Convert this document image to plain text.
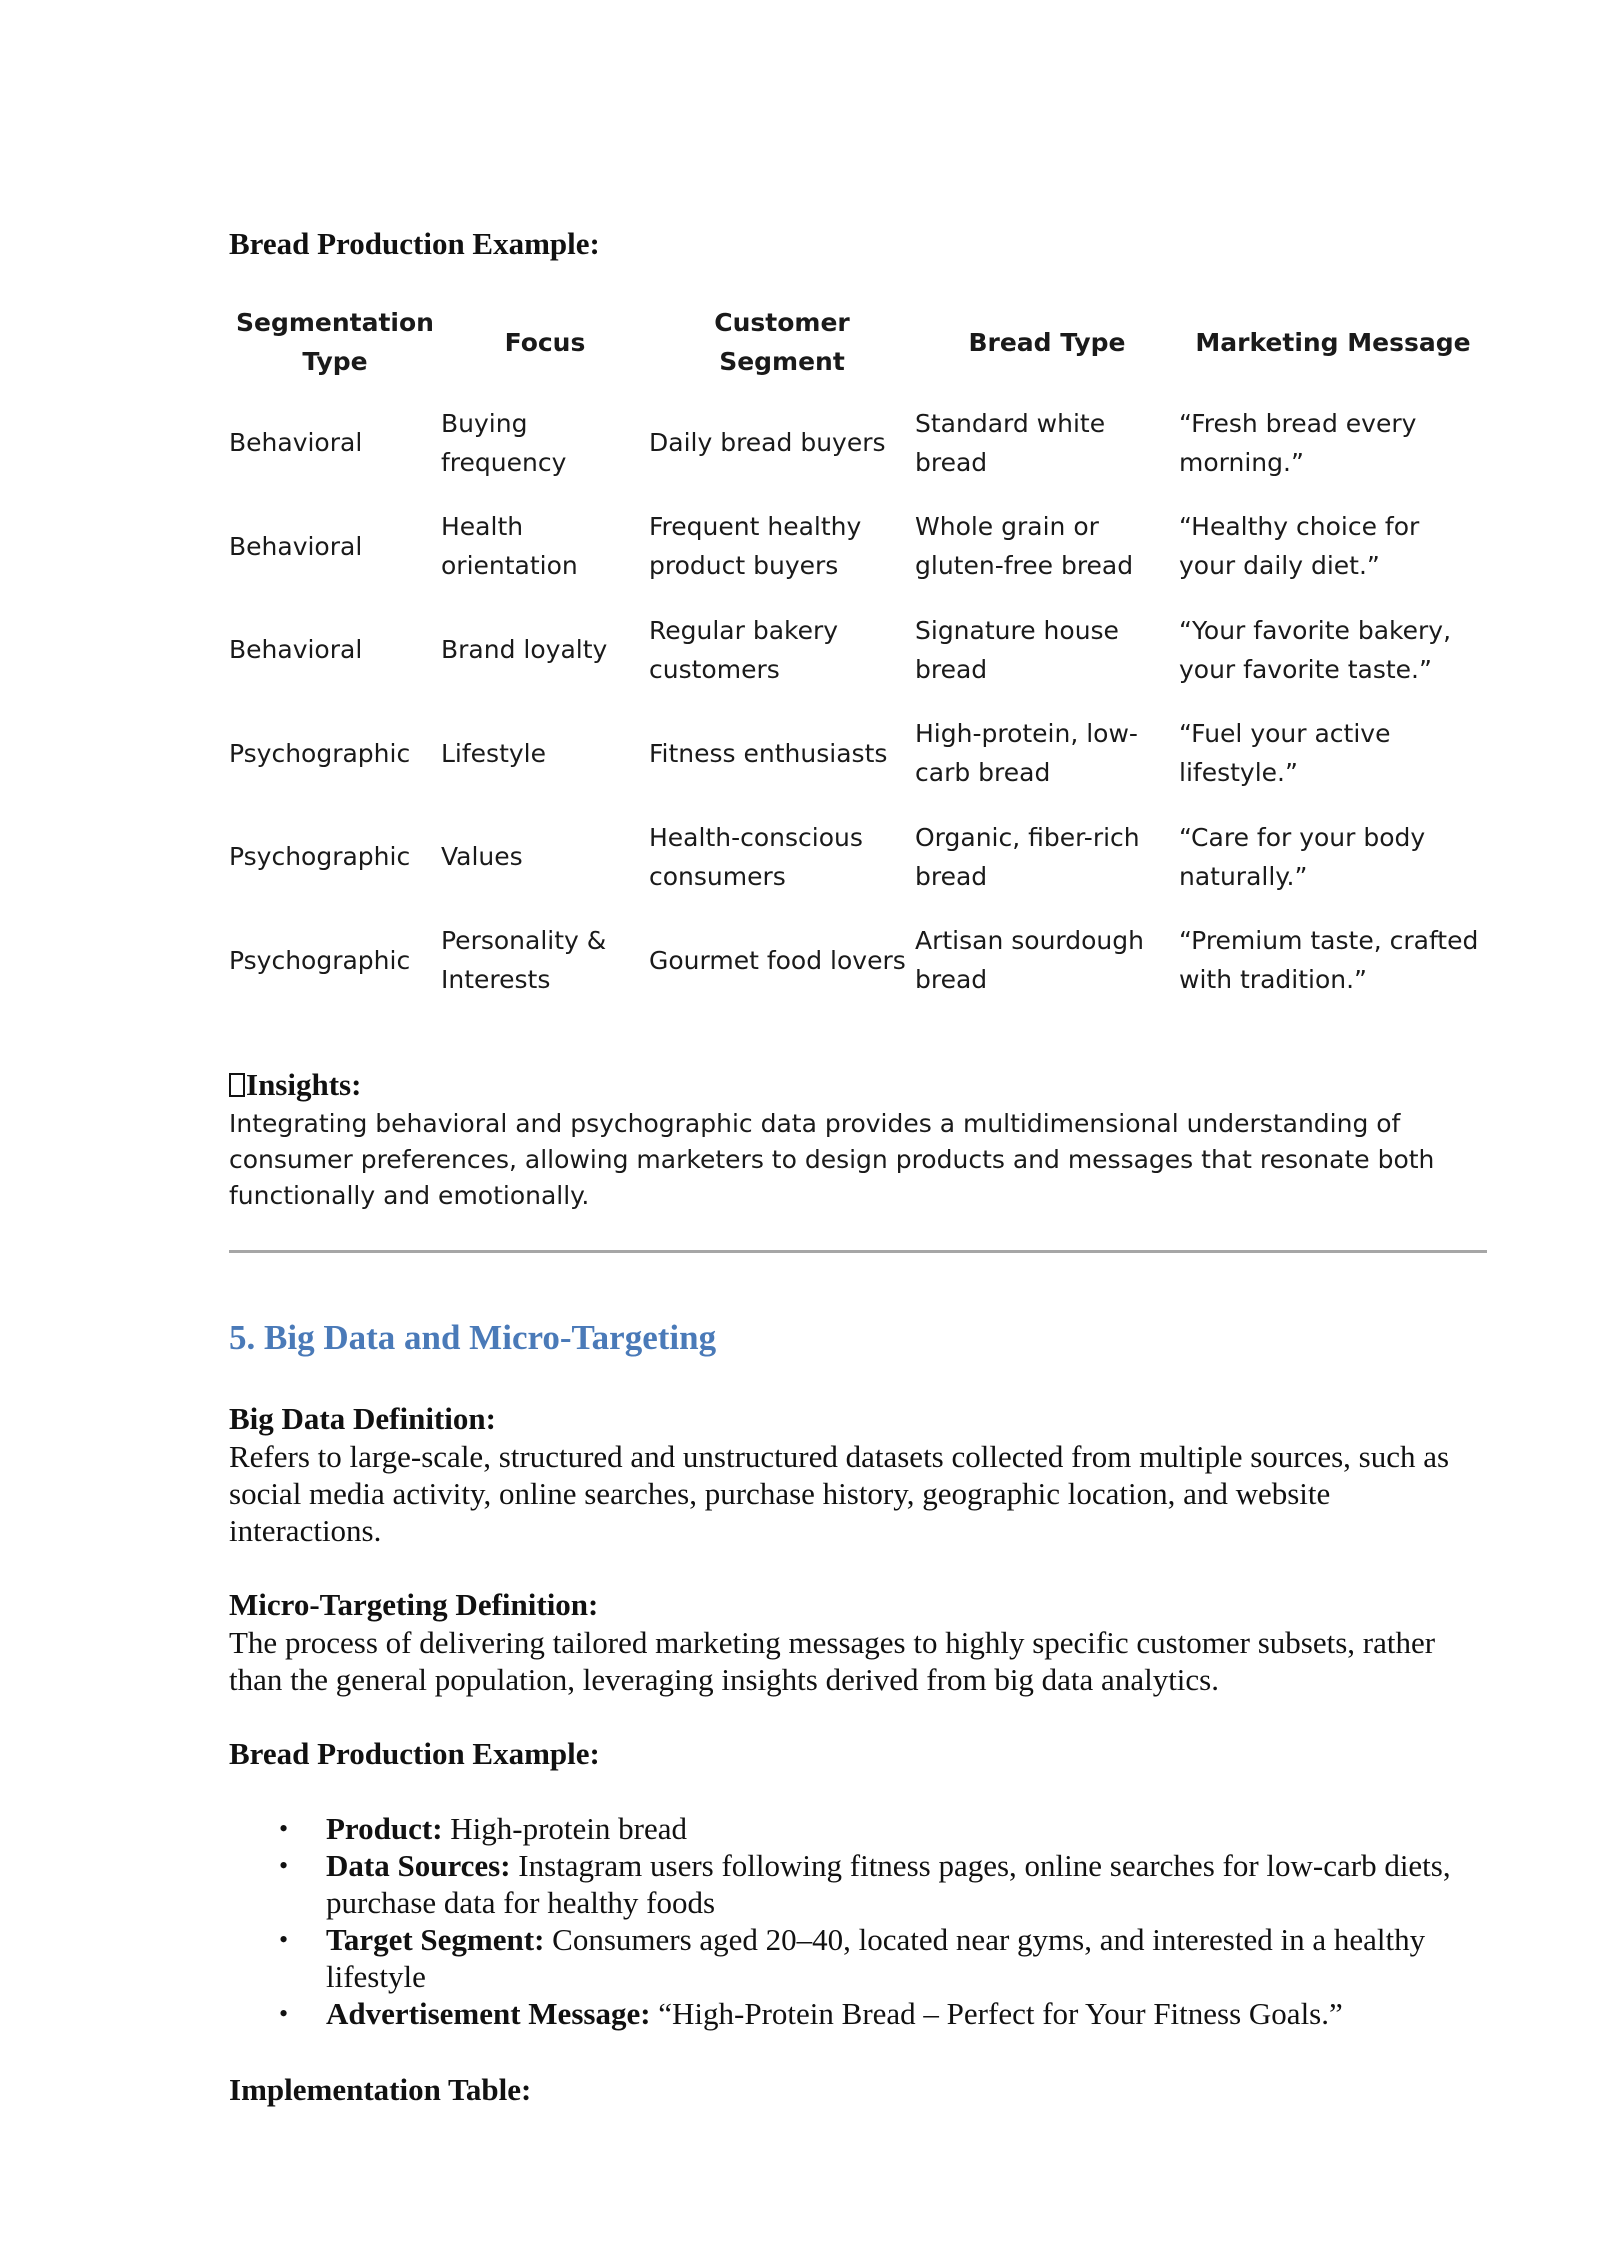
Bread Production Example:
Segmentation Type	Focus	Customer Segment	Bread Type	Marketing Message
Behavioral	Buying frequency	Daily bread buyers	Standard white bread	“Fresh bread every morning.”
Behavioral	Health orientation	Frequent healthy product buyers	Whole grain or gluten-free bread	“Healthy choice for your daily diet.”
Behavioral	Brand loyalty	Regular bakery customers	Signature house bread	“Your favorite bakery, your favorite taste.”
Psychographic	Lifestyle	Fitness enthusiasts	High-protein, low-carb bread	“Fuel your active lifestyle.”
Psychographic	Values	Health-conscious consumers	Organic, fiber-rich bread	“Care for your body naturally.”
Psychographic	Personality & Interests	Gourmet food lovers	Artisan sourdough bread	“Premium taste, crafted with tradition.”
Insights:

Integrating behavioral and psychographic data provides a multidimensional understanding of consumer preferences, allowing marketers to design products and messages that resonate both functionally and emotionally.

5. Big Data and Micro-Targeting
Big Data Definition:

Refers to large-scale, structured and unstructured datasets collected from multiple sources, such as social media activity, online searches, purchase history, geographic location, and website interactions.

Micro-Targeting Definition:

The process of delivering tailored marketing messages to highly specific customer subsets, rather than the general population, leveraging insights derived from big data analytics.

Bread Production Example:
• Product: High-protein bread
• Data Sources: Instagram users following fitness pages, online searches for low-carb diets, purchase data for healthy foods
• Target Segment: Consumers aged 20–40, located near gyms, and interested in a healthy lifestyle
• Advertisement Message: “High-Protein Bread – Perfect for Your Fitness Goals.”
Implementation Table:
